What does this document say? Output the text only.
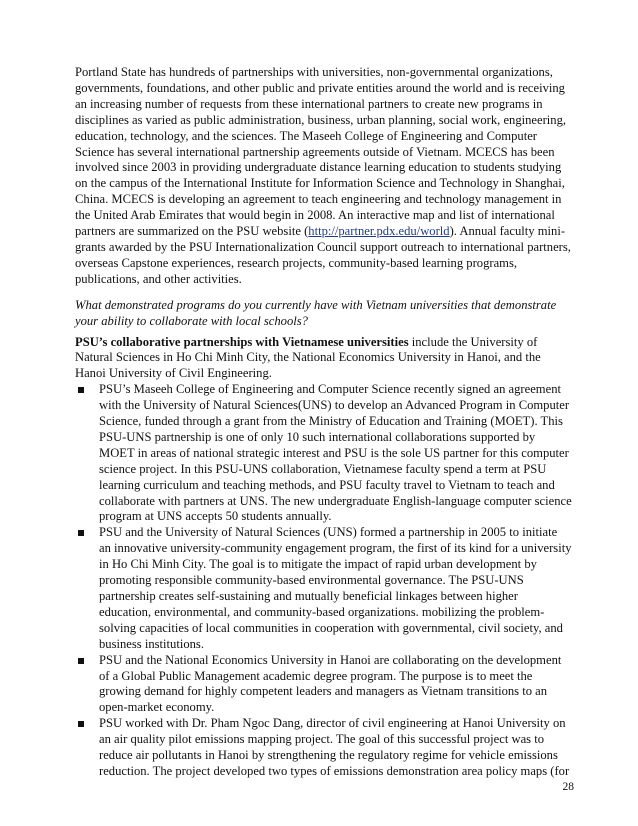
Portland State has hundreds of partnerships with universities, non-governmental organizations, governments, foundations, and other public and private entities around the world and is receiving an increasing number of requests from these international partners to create new programs in disciplines as varied as public administration, business, urban planning, social work, engineering, education, technology, and the sciences. The Maseeh College of Engineering and Computer Science has several international partnership agreements outside of Vietnam. MCECS has been involved since 2003 in providing undergraduate distance learning education to students studying on the campus of the International Institute for Information Science and Technology in Shanghai, China. MCECS is developing an agreement to teach engineering and technology management in the United Arab Emirates that would begin in 2008. An interactive map and list of international partners are summarized on the PSU website (http://partner.pdx.edu/world). Annual faculty mini-grants awarded by the PSU Internationalization Council support outreach to international partners, overseas Capstone experiences, research projects, community-based learning programs, publications, and other activities.

What demonstrated programs do you currently have with Vietnam universities that demonstrate your ability to collaborate with local schools?

PSU’s collaborative partnerships with Vietnamese universities include the University of Natural Sciences in Ho Chi Minh City, the National Economics University in Hanoi, and the Hanoi University of Civil Engineering.

PSU’s Maseeh College of Engineering and Computer Science recently signed an agreement with the University of Natural Sciences(UNS) to develop an Advanced Program in Computer Science, funded through a grant from the Ministry of Education and Training (MOET). This PSU-UNS partnership is one of only 10 such international collaborations supported by MOET in areas of national strategic interest and PSU is the sole US partner for this computer science project. In this PSU-UNS collaboration, Vietnamese faculty spend a term at PSU learning curriculum and teaching methods, and PSU faculty travel to Vietnam to teach and collaborate with partners at UNS. The new undergraduate English-language computer science program at UNS accepts 50 students annually.
PSU and the University of Natural Sciences (UNS) formed a partnership in 2005 to initiate an innovative university-community engagement program, the first of its kind for a university in Ho Chi Minh City. The goal is to mitigate the impact of rapid urban development by promoting responsible community-based environmental governance. The PSU-UNS partnership creates self-sustaining and mutually beneficial linkages between higher education, environmental, and community-based organizations. mobilizing the problem-solving capacities of local communities in cooperation with governmental, civil society, and business institutions.
PSU and the National Economics University in Hanoi are collaborating on the development of a Global Public Management academic degree program. The purpose is to meet the growing demand for highly competent leaders and managers as Vietnam transitions to an open-market economy.
PSU worked with Dr. Pham Ngoc Dang, director of civil engineering at Hanoi University on an air quality pilot emissions mapping project. The goal of this successful project was to reduce air pollutants in Hanoi by strengthening the regulatory regime for vehicle emissions reduction. The project developed two types of emissions demonstration area policy maps (for
28
